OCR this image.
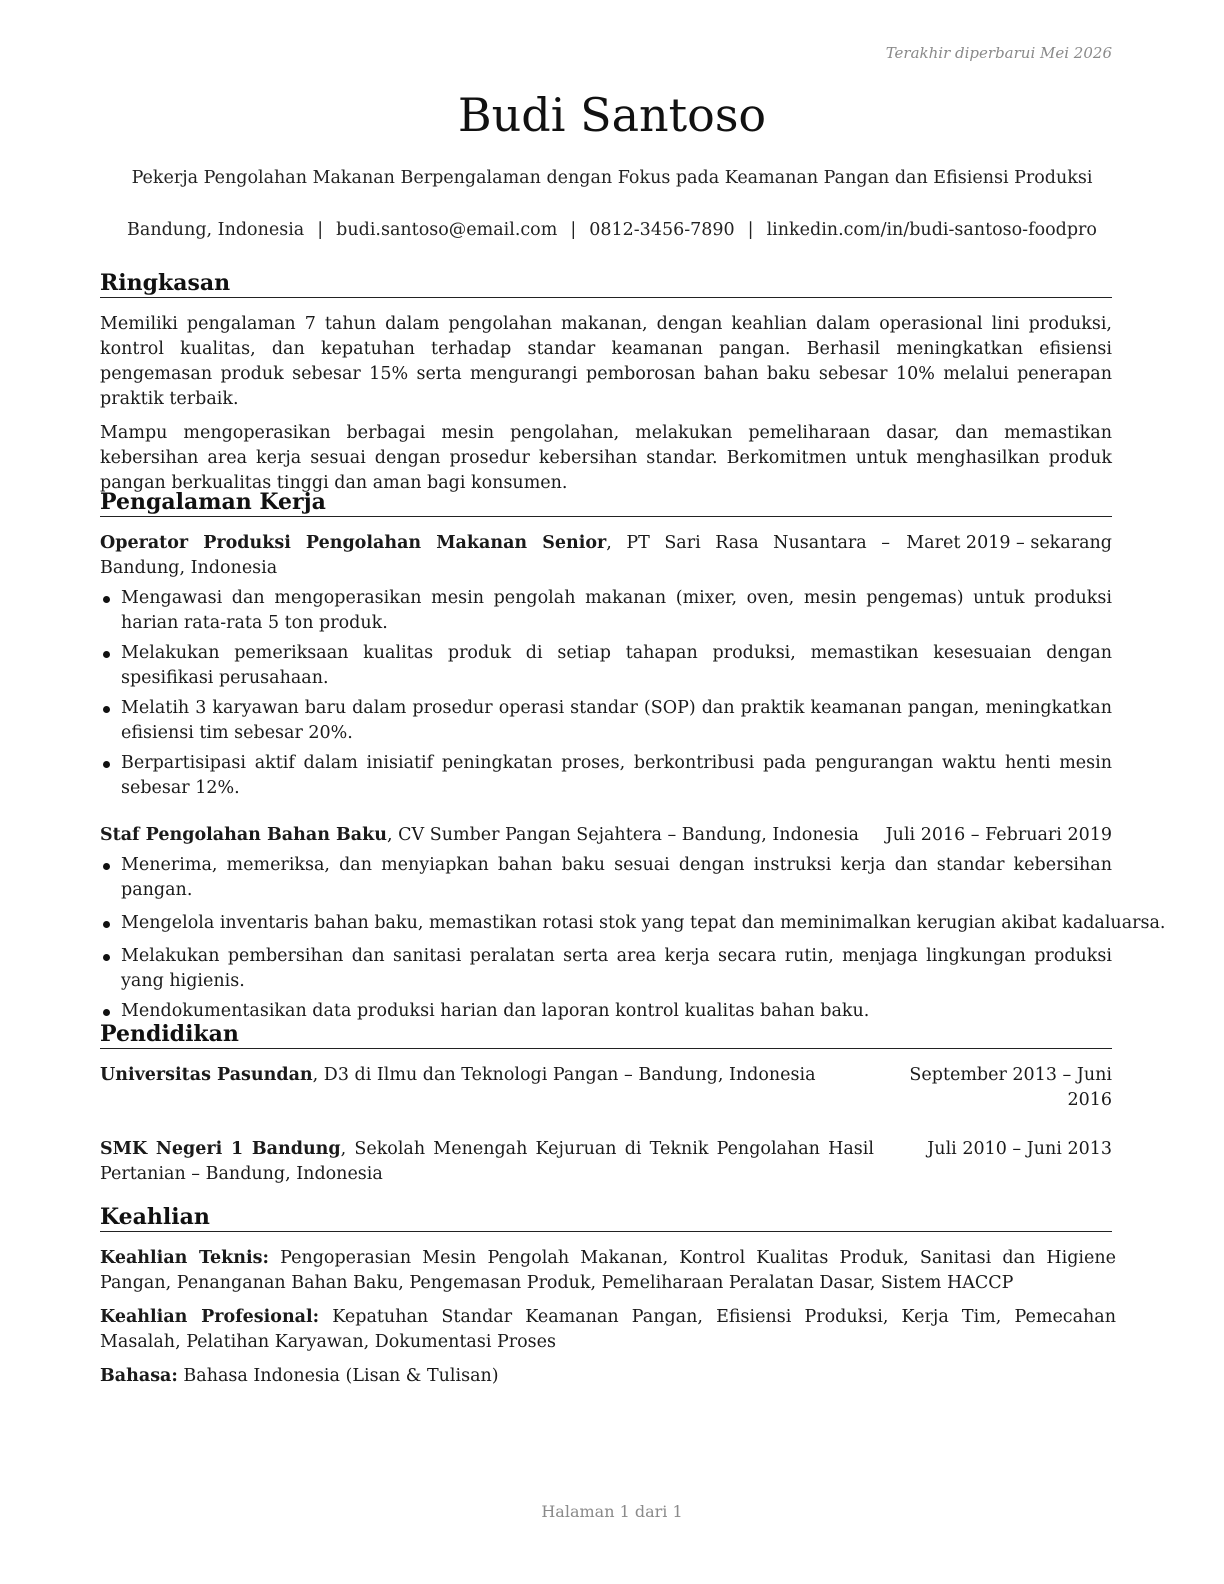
Terakhir diperbarui Mei 2026
Budi Santoso
Pekerja Pengolahan Makanan Berpengalaman dengan Fokus pada Keamanan Pangan dan Efisiensi Produksi
Bandung, Indonesia | budi.santoso@email.com | 0812-3456-7890 | linkedin.com/in/budi-santoso-foodpro
Ringkasan

Memiliki pengalaman 7 tahun dalam pengolahan makanan, dengan keahlian dalam operasional lini produksi, kontrol kualitas, dan kepatuhan terhadap standar keamanan pangan. Berhasil meningkatkan efisiensi pengemasan produk sebesar 15% serta mengurangi pemborosan bahan baku sebesar 10% melalui penerapan praktik terbaik.

Mampu mengoperasikan berbagai mesin pengolahan, melakukan pemeliharaan dasar, dan memastikan kebersihan area kerja sesuai dengan prosedur kebersihan standar. Berkomitmen untuk menghasilkan produk pangan berkualitas tinggi dan aman bagi konsumen.

Pengalaman Kerja
Operator Produksi Pengolahan Makanan Senior, PT Sari Rasa Nusantara – Bandung, Indonesia
Maret 2019 – sekarang
Mengawasi dan mengoperasikan mesin pengolah makanan (mixer, oven, mesin pengemas) untuk produksi harian rata-rata 5 ton produk.
Melakukan pemeriksaan kualitas produk di setiap tahapan produksi, memastikan kesesuaian dengan spesifikasi perusahaan.
Melatih 3 karyawan baru dalam prosedur operasi standar (SOP) dan praktik keamanan pangan, meningkatkan efisiensi tim sebesar 20%.
Berpartisipasi aktif dalam inisiatif peningkatan proses, berkontribusi pada pengurangan waktu henti mesin sebesar 12%.
Staf Pengolahan Bahan Baku, CV Sumber Pangan Sejahtera – Bandung, Indonesia Juli 2016 – Februari 2019
Menerima, memeriksa, dan menyiapkan bahan baku sesuai dengan instruksi kerja dan standar kebersihan pangan.
Mengelola inventaris bahan baku, memastikan rotasi stok yang tepat dan meminimalkan kerugian akibat kadaluarsa.
Melakukan pembersihan dan sanitasi peralatan serta area kerja secara rutin, menjaga lingkungan produksi yang higienis.
Mendokumentasikan data produksi harian dan laporan kontrol kualitas bahan baku.
Pendidikan
Universitas Pasundan, D3 di Ilmu dan Teknologi Pangan – Bandung, Indonesia	September 2013 – Juni 2016
SMK Negeri 1 Bandung, Sekolah Menengah Kejuruan di Teknik Pengolahan Hasil Pertanian – Bandung, Indonesia
Juli 2010 – Juni 2013
Keahlian

Keahlian Teknis: Pengoperasian Mesin Pengolah Makanan, Kontrol Kualitas Produk, Sanitasi dan Higiene Pangan, Penanganan Bahan Baku, Pengemasan Produk, Pemeliharaan Peralatan Dasar, Sistem HACCP

Keahlian Profesional: Kepatuhan Standar Keamanan Pangan, Efisiensi Produksi, Kerja Tim, Pemecahan Masalah, Pelatihan Karyawan, Dokumentasi Proses

Bahasa: Bahasa Indonesia (Lisan & Tulisan)

Halaman 1 dari 1
